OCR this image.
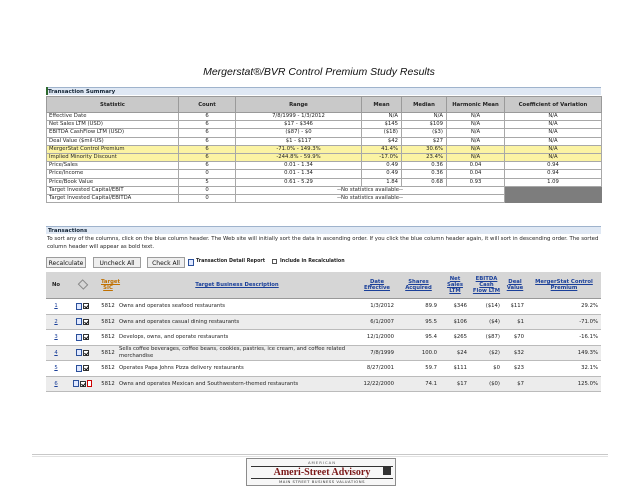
Mergerstat®/BVR Control Premium Study Results
Transaction Summary
Statistic	Count	Range	Mean	Median	Harmonic Mean	Coefficient of Variation
Effective Date	6	7/8/1999 - 1/3/2012	N/A	N/A	N/A	N/A
Net Sales LTM (USD)	6	$17 - $346	$145	$109	N/A	N/A
EBITDA CashFlow LTM (USD)	6	($87) - $0	($18)	($3)	N/A	N/A
Deal Value ($mil-US)	6	$1 - $117	$42	$27	N/A	N/A
MergerStat Control Premium	6	-71.0% - 149.3%	41.4%	30.6%	N/A	N/A
Implied Minority Discount	6	-244.8% - 59.9%	-17.0%	23.4%	N/A	N/A
Price/Sales	6	0.01 - 1.34	0.49	0.36	0.04	0.94
Price/Income	0	0.01 - 1.34	0.49	0.36	0.04	0.94
Price/Book Value	5	0.61 - 5.29	1.84	0.68	0.93	1.09
Target Invested Capital/EBIT	0	--No statistics available--				
Target Invested Capital/EBITDA	0	--No statistics available--				
Transactions
To sort any of the columns, click on the blue column header. The Web site will initially sort the data in ascending order. If you click the blue column header again, it will sort in descending order. The sorted column header will appear as bold text.
Recalculate	Uncheck All	Check All	Transaction Detail Report	Include in Recalculation
No		Target SIC	Target Business Description	Date Effective	Shares Acquired	Net Sales LTM	EBITDA Cash Flow LTM	Deal Value	MergerStat Control Premium
1		5812	Owns and operates seafood restaurants	1/3/2012	89.9	$346	($14)	$117	29.2%
2		5812	Owns and operates casual dining restaurants	6/1/2007	95.5	$106	($4)	$1	-71.0%
3		5812	Develops, owns, and operate restaurants	12/1/2000	95.4	$265	($87)	$70	-16.1%
4		5812	Sells coffee beverages, coffee beans, cookies, pastries, ice cream, and coffee related merchandise	7/8/1999	100.0	$24	($2)	$32	149.3%
5		5812	Operates Papa Johns Pizza delivery restaurants	8/27/2001	59.7	$111	$0	$23	32.1%
6		5812	Owns and operates Mexican and Southwestern-themed restaurants	12/22/2000	74.1	$17	($0)	$7	125.0%
AMERICAN
Ameri-Street Advisory
MAIN STREET BUSINESS VALUATIONS
